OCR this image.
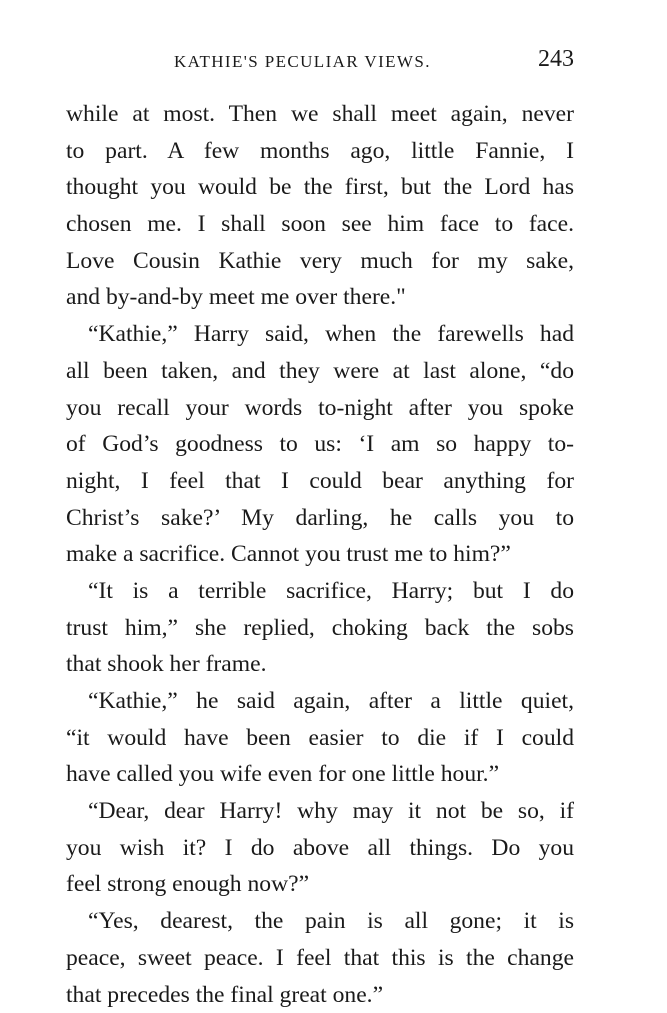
KATHIE'S PECULIAR VIEWS.	243
while at most. Then we shall meet again, never
to part. A few months ago, little Fannie, I
thought you would be the first, but the Lord has
chosen me. I shall soon see him face to face.
Love Cousin Kathie very much for my sake,
and by-and-by meet me over there."
“Kathie,” Harry said, when the farewells had
all been taken, and they were at last alone, “do
you recall your words to-night after you spoke
of God’s goodness to us: ‘I am so happy to-
night, I feel that I could bear anything for
Christ’s sake?’ My darling, he calls you to
make a sacrifice. Cannot you trust me to him?”
“It is a terrible sacrifice, Harry; but I do
trust him,” she replied, choking back the sobs
that shook her frame.
“Kathie,” he said again, after a little quiet,
“it would have been easier to die if I could
have called you wife even for one little hour.”
“Dear, dear Harry! why may it not be so, if
you wish it? I do above all things. Do you
feel strong enough now?”
“Yes, dearest, the pain is all gone; it is
peace, sweet peace. I feel that this is the change
that precedes the final great one.”
